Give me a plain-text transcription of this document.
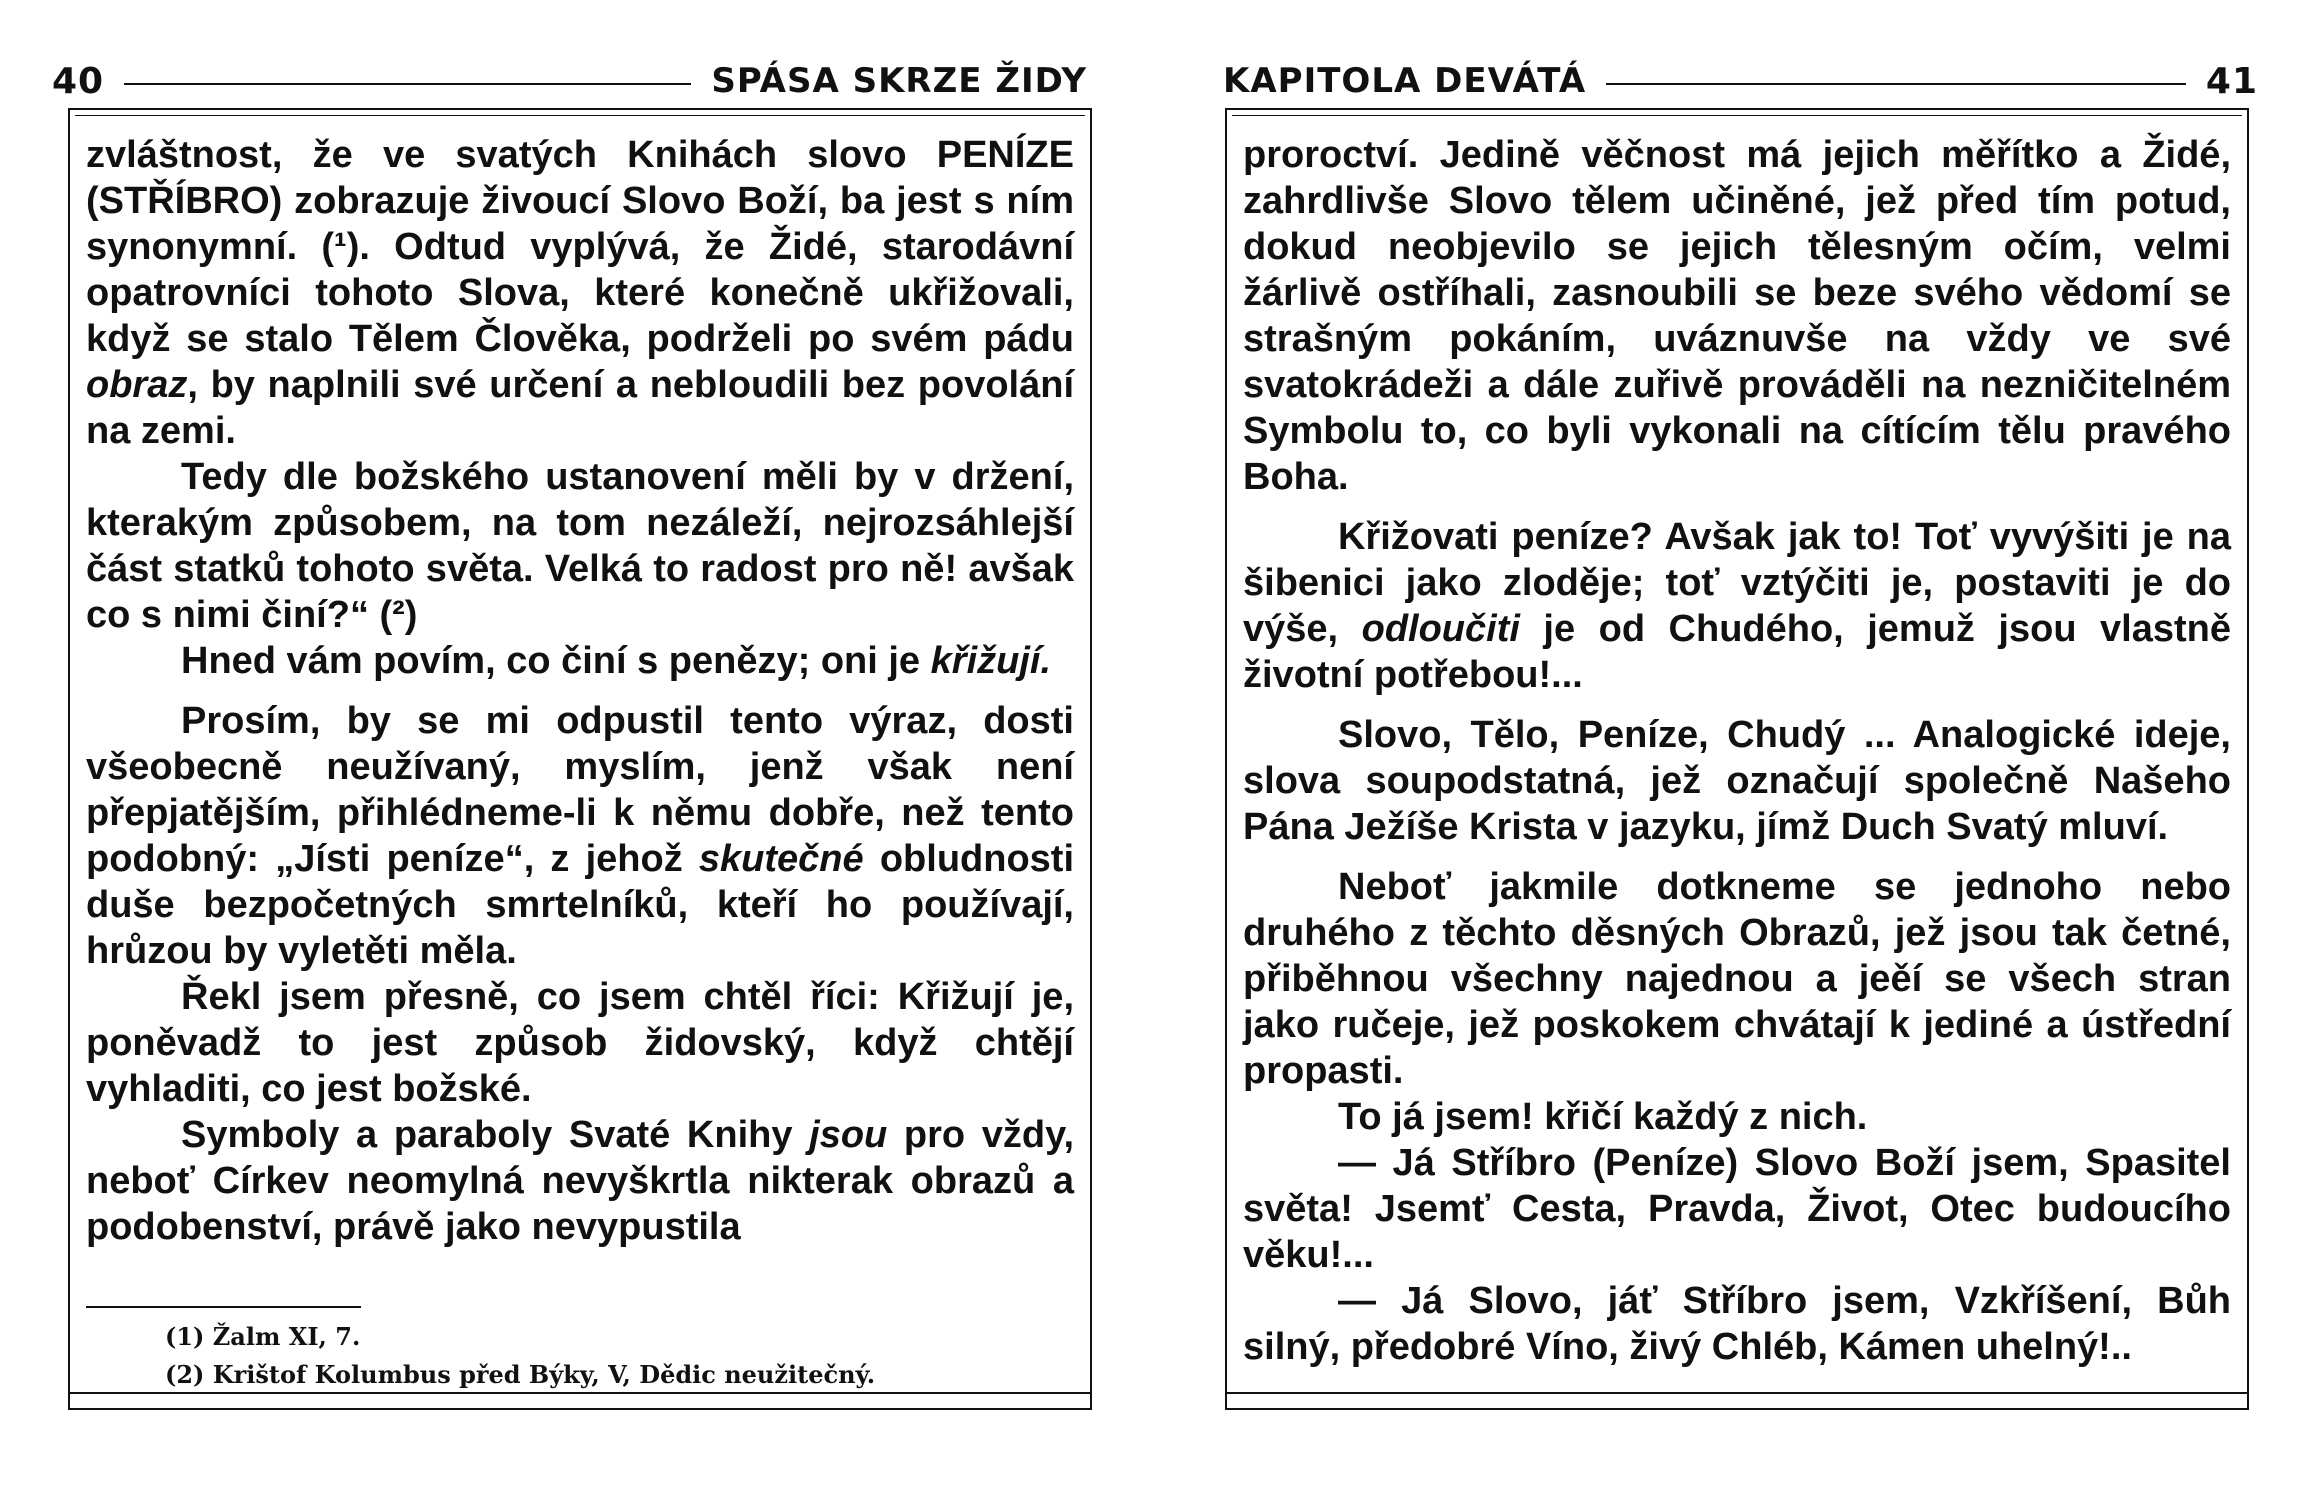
40	SPÁSA SKRZE ŽIDY

zvláštnost, že ve svatých Knihách slovo PENÍZE (STŘÍBRO) zobrazuje živoucí Slovo Boží, ba jest s ním synonymní. (¹). Odtud vyplývá, že Židé, starodávní opatrovníci tohoto Slova, které konečně ukřižovali, když se stalo Tělem Člověka, podrželi po svém pádu obraz, by naplnili své určení a nebloudili bez povolání na zemi.

Tedy dle božského ustanovení měli by v držení, kterakým způsobem, na tom nezáleží, nejrozsáhlejší část statků tohoto světa. Velká to radost pro ně! avšak co s nimi činí?“ (²)

Hned vám povím, co činí s penězy; oni je křižují.

Prosím, by se mi odpustil tento výraz, dosti všeobecně neužívaný, myslím, jenž však není přepjatějším, přihlédneme-li k němu dobře, než tento podobný: „Jísti peníze“, z jehož skutečné obludnosti duše bezpočetných smrtelníků, kteří ho používají, hrůzou by vyletěti měla.

Řekl jsem přesně, co jsem chtěl říci: Křižují je, poněvadž to jest způsob židovský, když chtějí vyhladiti, co jest božské.

Symboly a paraboly Svaté Knihy jsou pro vždy, neboť Církev neomylná nevyškrtla nikterak obrazů a podobenství, právě jako nevypustila

(1) Žalm XI, 7.
(2) Krištof Kolumbus před Býky, V, Dědic neužitečný.
KAPITOLA DEVÁTÁ	41

proroctví. Jedině věčnost má jejich měřítko a Židé, zahrdlivše Slovo tělem učiněné, jež před tím potud, dokud neobjevilo se jejich tělesným očím, velmi žárlivě ostříhali, zasnoubili se beze svého vědomí se strašným pokáním, uváznuvše na vždy ve své svatokrádeži a dále zuřivě prováděli na nezničitelném Symbolu to, co byli vykonali na cítícím tělu pravého Boha.

Křižovati peníze? Avšak jak to! Toť vyvýšiti je na šibenici jako zloděje; toť vztýčiti je, postaviti je do výše, odloučiti je od Chudého, jemuž jsou vlastně životní potřebou!...

Slovo, Tělo, Peníze, Chudý ... Analogické ideje, slova soupodstatná, jež označují společně Našeho Pána Ježíše Krista v jazyku, jímž Duch Svatý mluví.

Neboť jakmile dotkneme se jednoho nebo druhého z těchto děsných Obrazů, jež jsou tak četné, přiběhnou všechny najednou a jeěí se všech stran jako ručeje, jež poskokem chvátají k jediné a ústřední propasti.

To já jsem! křičí každý z nich.

— Já Stříbro (Peníze) Slovo Boží jsem, Spasitel světa! Jsemť Cesta, Pravda, Život, Otec budoucího věku!...

— Já Slovo, jáť Stříbro jsem, Vzkříšení, Bůh silný, předobré Víno, živý Chléb, Kámen uhelný!..
